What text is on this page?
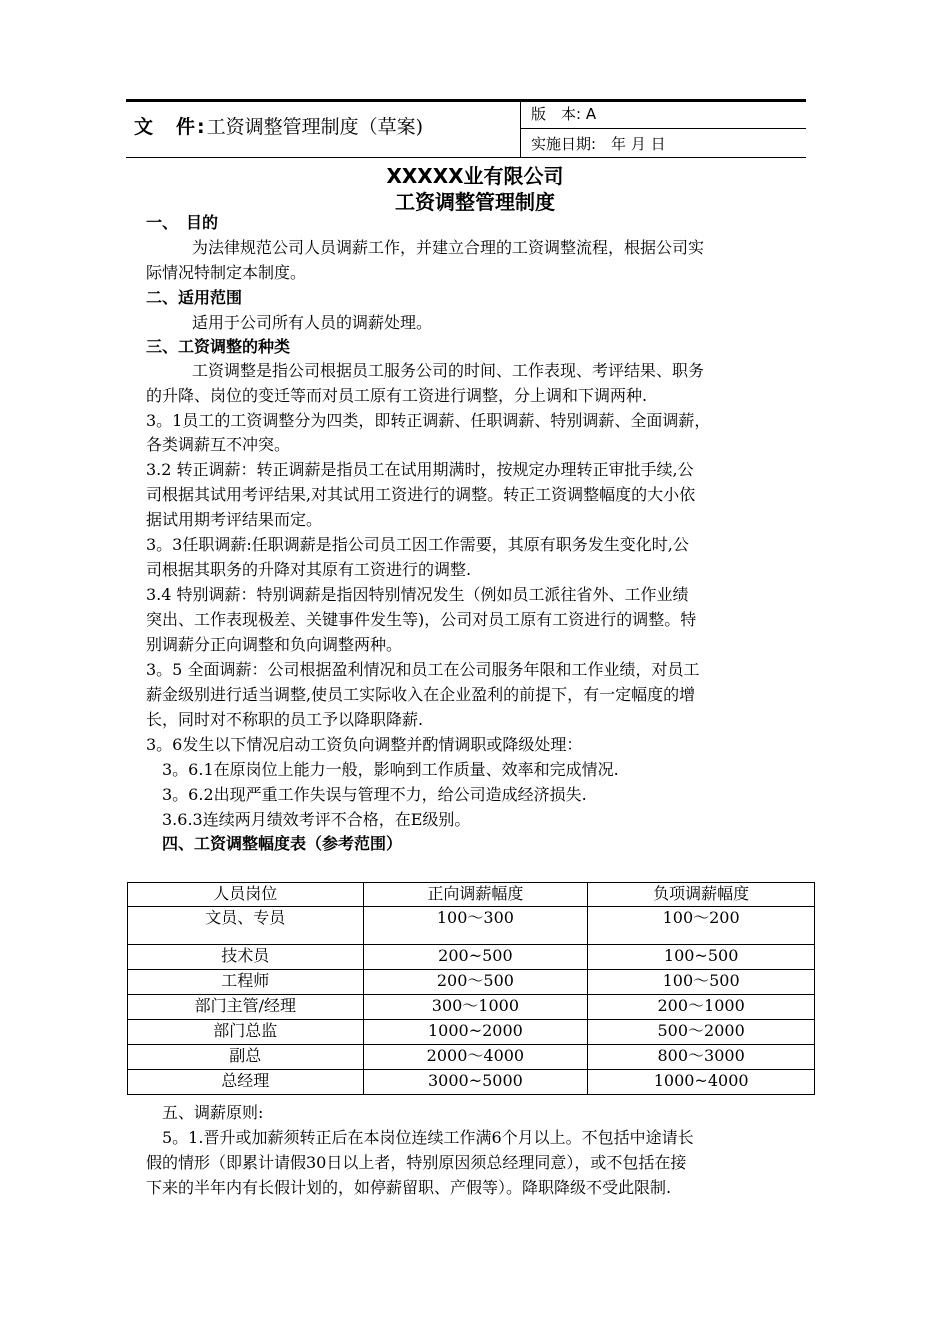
文　件:工资调整管理制度（草案)
版　本: A
实施日期:　年 月 日
XXXXX业有限公司
工资调整管理制度
一、　目的
为法律规范公司人员调薪工作，并建立合理的工资调整流程，根据公司实
际情况特制定本制度。
二、适用范围
适用于公司所有人员的调薪处理。
三、工资调整的种类
工资调整是指公司根据员工服务公司的时间、工作表现、考评结果、职务
的升降、岗位的变迁等而对员工原有工资进行调整，分上调和下调两种.
3。1员工的工资调整分为四类，即转正调薪、任职调薪、特别调薪、全面调薪，
各类调薪互不冲突。
3.2 转正调薪：转正调薪是指员工在试用期满时，按规定办理转正审批手续,公
司根据其试用考评结果,对其试用工资进行的调整。转正工资调整幅度的大小依
据试用期考评结果而定。
3。3任职调薪:任职调薪是指公司员工因工作需要，其原有职务发生变化时,公
司根据其职务的升降对其原有工资进行的调整.
3.4 特别调薪：特别调薪是指因特别情况发生（例如员工派往省外、工作业绩
突出、工作表现极差、关键事件发生等)，公司对员工原有工资进行的调整。特
别调薪分正向调整和负向调整两种。
3。5 全面调薪：公司根据盈利情况和员工在公司服务年限和工作业绩，对员工
薪金级别进行适当调整,使员工实际收入在企业盈利的前提下，有一定幅度的增
长，同时对不称职的员工予以降职降薪.
3。6发生以下情况启动工资负向调整并酌情调职或降级处理：
3。6.1在原岗位上能力一般，影响到工作质量、效率和完成情况.
3。6.2出现严重工作失误与管理不力，给公司造成经济损失.
3.6.3连续两月绩效考评不合格，在E级别。
四、工资调整幅度表（参考范围）
人员岗位	正向调薪幅度	负项调薪幅度
文员、专员	100～300	100～200
技术员	200~500	100~500
工程师	200～500	100～500
部门主管/经理	300～1000	200～1000
部门总监	1000~2000	500～2000
副总	2000～4000	800～3000
总经理	3000~5000	1000~4000
五、调薪原则:
5。1.晋升或加薪须转正后在本岗位连续工作满6个月以上。不包括中途请长
假的情形（即累计请假30日以上者，特别原因须总经理同意），或不包括在接
下来的半年内有长假计划的，如停薪留职、产假等）。降职降级不受此限制.
